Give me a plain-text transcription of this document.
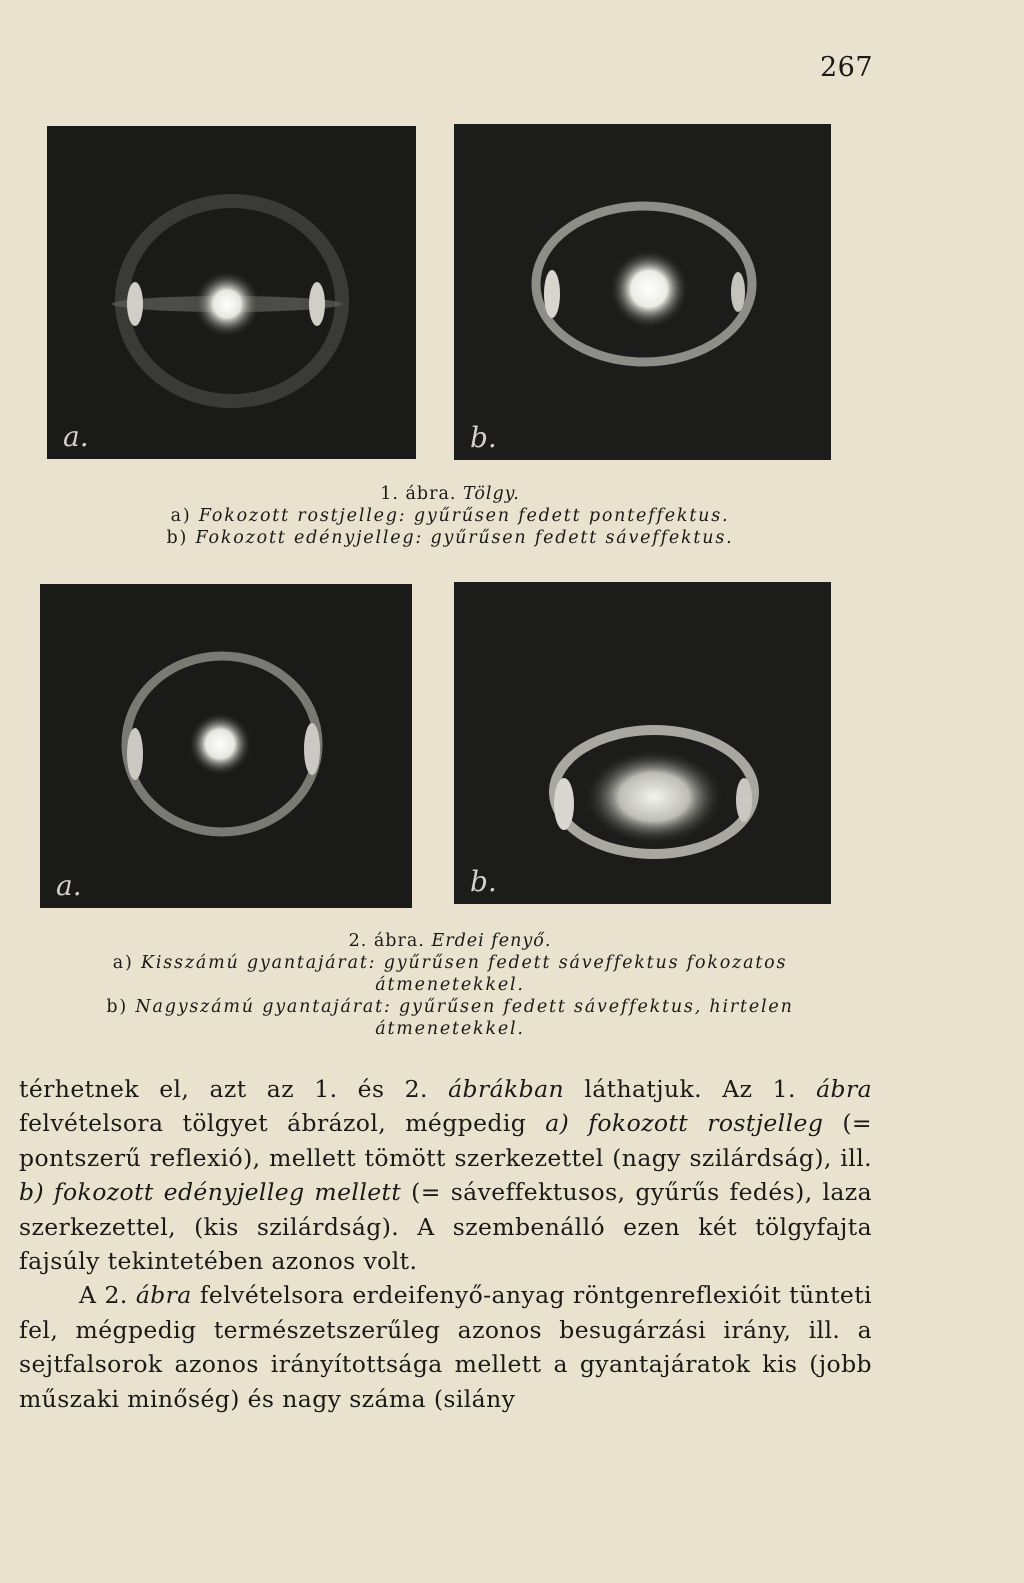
267
a.	b.
1. ábra. Tölgy.
a) Fokozott rostjelleg: gyűrűsen fedett ponteffektus.
b) Fokozott edényjelleg: gyűrűsen fedett sáveffektus.
a.	b.
2. ábra. Erdei fenyő.
a) Kisszámú gyantajárat: gyűrűsen fedett sáveffektus fokozatos
átmenetekkel.
b) Nagyszámú gyantajárat: gyűrűsen fedett sáveffektus, hirtelen
átmenetekkel.

térhetnek el, azt az 1. és 2. ábrákban láthatjuk. Az 1. ábra felvételsora tölgyet ábrázol, mégpedig a) fokozott rostjelleg (= pontszerű reflexió), mellett tömött szerkezettel (nagy szilárdság), ill. b) fokozott edényjelleg mellett (= sáveffektusos, gyűrűs fedés), laza szerkezettel, (kis szilárdság). A szembenálló ezen két tölgyfajta fajsúly tekintetében azonos volt.

A 2. ábra felvételsora erdeifenyő-anyag röntgenreflexióit tünteti fel, mégpedig természetszerűleg azonos besugárzási irány, ill. a sejtfalsorok azonos irányítottsága mellett a gyantajáratok kis (jobb műszaki minőség) és nagy száma (silány
